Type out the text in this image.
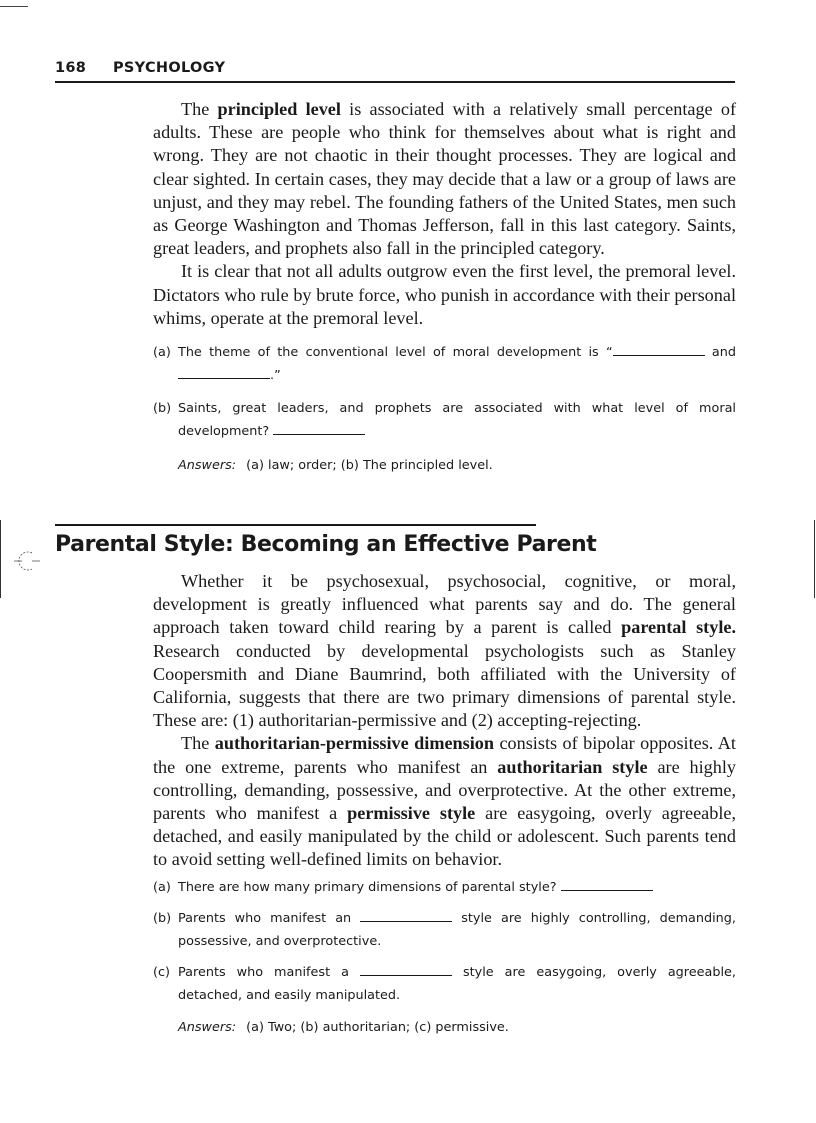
168 PSYCHOLOGY

The principled level is associated with a relatively small percentage of adults. These are people who think for themselves about what is right and wrong. They are not chaotic in their thought processes. They are logical and clear sighted. In certain cases, they may decide that a law or a group of laws are unjust, and they may rebel. The founding fathers of the United States, men such as George Washington and Thomas Jefferson, fall in this last category. Saints, great leaders, and prophets also fall in the principled category.

It is clear that not all adults outgrow even the first level, the premoral level. Dictators who rule by brute force, who punish in accordance with their personal whims, operate at the premoral level.

(a) The theme of the conventional level of moral development is “	and .”
(b) Saints, great leaders, and prophets are associated with what level of moral development?
Answers: (a) law; order; (b) The principled level.
Parental Style: Becoming an Effective Parent

Whether it be psychosexual, psychosocial, cognitive, or moral, development is greatly influenced what parents say and do. The general approach taken toward child rearing by a parent is called parental style. Research conducted by developmental psychologists such as Stanley Coopersmith and Diane Baumrind, both affiliated with the University of California, suggests that there are two primary dimensions of parental style. These are: (1) authoritarian-permissive and (2) accepting-rejecting.

The authoritarian-permissive dimension consists of bipolar opposites. At the one extreme, parents who manifest an authoritarian style are highly controlling, demanding, possessive, and overprotective. At the other extreme, parents who manifest a permissive style are easygoing, overly agreeable, detached, and easily manipulated by the child or adolescent. Such parents tend to avoid setting well-defined limits on behavior.

(a) There are how many primary dimensions of parental style?
(b) Parents who manifest an	style are highly controlling, demanding, possessive, and overprotective.
(c) Parents who manifest a	style are easygoing, overly agreeable, detached, and easily manipulated.
Answers: (a) Two; (b) authoritarian; (c) permissive.
